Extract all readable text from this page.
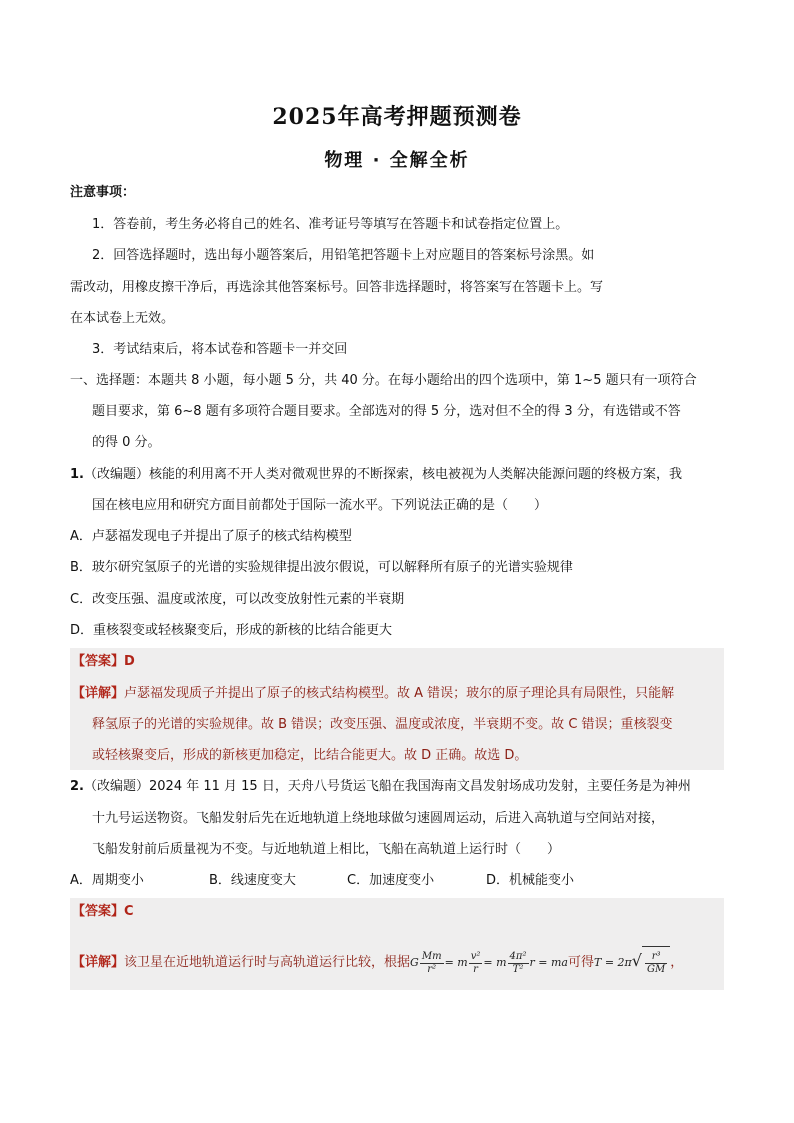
2025年高考押题预测卷
物理 · 全解全析
注意事项：
1．答卷前，考生务必将自己的姓名、准考证号等填写在答题卡和试卷指定位置上。
2．回答选择题时，选出每小题答案后，用铅笔把答题卡上对应题目的答案标号涂黑。如
需改动，用橡皮擦干净后，再选涂其他答案标号。回答非选择题时，将答案写在答题卡上。写
在本试卷上无效。
3．考试结束后，将本试卷和答题卡一并交回
一、选择题：本题共 8 小题，每小题 5 分，共 40 分。在每小题给出的四个选项中，第 1~5 题只有一项符合
题目要求，第 6~8 题有多项符合题目要求。全部选对的得 5 分，选对但不全的得 3 分，有选错或不答
的得 0 分。
1.（改编题）核能的利用离不开人类对微观世界的不断探索，核电被视为人类解决能源问题的终极方案，我
国在核电应用和研究方面目前都处于国际一流水平。下列说法正确的是（　　）
A．卢瑟福发现电子并提出了原子的核式结构模型
B．玻尔研究氢原子的光谱的实验规律提出波尔假说，可以解释所有原子的光谱实验规律
C．改变压强、温度或浓度，可以改变放射性元素的半衰期
D．重核裂变或轻核聚变后，形成的新核的比结合能更大
【答案】D
【详解】卢瑟福发现质子并提出了原子的核式结构模型。故 A 错误；玻尔的原子理论具有局限性，只能解
释氢原子的光谱的实验规律。故 B 错误；改变压强、温度或浓度，半衰期不变。故 C 错误；重核裂变
或轻核聚变后，形成的新核更加稳定，比结合能更大。故 D 正确。故选 D。
2.（改编题）2024 年 11 月 15 日，天舟八号货运飞船在我国海南文昌发射场成功发射，主要任务是为神州
十九号运送物资。飞船发射后先在近地轨道上绕地球做匀速圆周运动，后进入高轨道与空间站对接，
飞船发射前后质量视为不变。与近地轨道上相比，飞船在高轨道上运行时（　　）
A．周期变小	B．线速度变大	C．加速度变小	D．机械能变小
【答案】C
【详解】该卫星在近地轨道运行时与高轨道运行比较，根据G $\frac{Mm}{\text{r²}} = m \frac{\text{v²}}{r} = m \frac{\text{4π²}}{\text{T²}}$ r = ma可得$T = 2\pi√ \frac{\text{r³}}{GM}$ ，
